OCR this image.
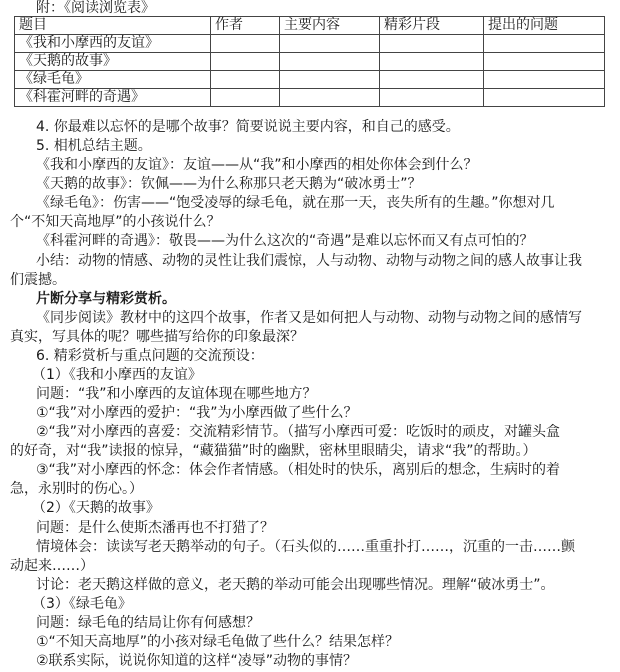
附：《阅读浏览表》
题目	作者	主要内容	精彩片段	提出的问题
《我和小摩西的友谊》				
《天鹅的故事》				
《绿毛龟》				
《科霍河畔的奇遇》				
4. 你最难以忘怀的是哪个故事？简要说说主要内容，和自己的感受。
5. 相机总结主题。
《我和小摩西的友谊》：友谊——从“我”和小摩西的相处你体会到什么？
《天鹅的故事》：钦佩——为什么称那只老天鹅为“破冰勇士”？
《绿毛龟》：伤害——“饱受凌辱的绿毛龟，就在那一天，丧失所有的生趣。”你想对几
个“不知天高地厚”的小孩说什么？
《科霍河畔的奇遇》：敬畏——为什么这次的“奇遇”是难以忘怀而又有点可怕的？
小结：动物的情感、动物的灵性让我们震惊，人与动物、动物与动物之间的感人故事让我
们震撼。
片断分享与精彩赏析。
《同步阅读》教材中的这四个故事，作者又是如何把人与动物、动物与动物之间的感情写
真实，写具体的呢？哪些描写给你的印象最深？
6. 精彩赏析与重点问题的交流预设：
（1）《我和小摩西的友谊》
问题：“我”和小摩西的友谊体现在哪些地方？
①“我”对小摩西的爱护：“我”为小摩西做了些什么？
②“我”对小摩西的喜爱：交流精彩情节。（描写小摩西可爱：吃饭时的顽皮，对罐头盒
的好奇，对“我”读报的惊异，“藏猫猫”时的幽默，密林里眼睛尖，请求“我”的帮助。）
③“我”对小摩西的怀念：体会作者情感。（相处时的快乐，离别后的想念，生病时的着
急，永别时的伤心。）
（2）《天鹅的故事》
问题：是什么使斯杰潘再也不打猎了？
情境体会：读读写老天鹅举动的句子。（石头似的……重重扑打……，沉重的一击……颤
动起来……）
讨论：老天鹅这样做的意义，老天鹅的举动可能会出现哪些情况。理解“破冰勇士”。
（3）《绿毛龟》
问题：绿毛龟的结局让你有何感想？
①“不知天高地厚”的小孩对绿毛龟做了些什么？结果怎样？
②联系实际，说说你知道的这样“凌辱”动物的事情？
